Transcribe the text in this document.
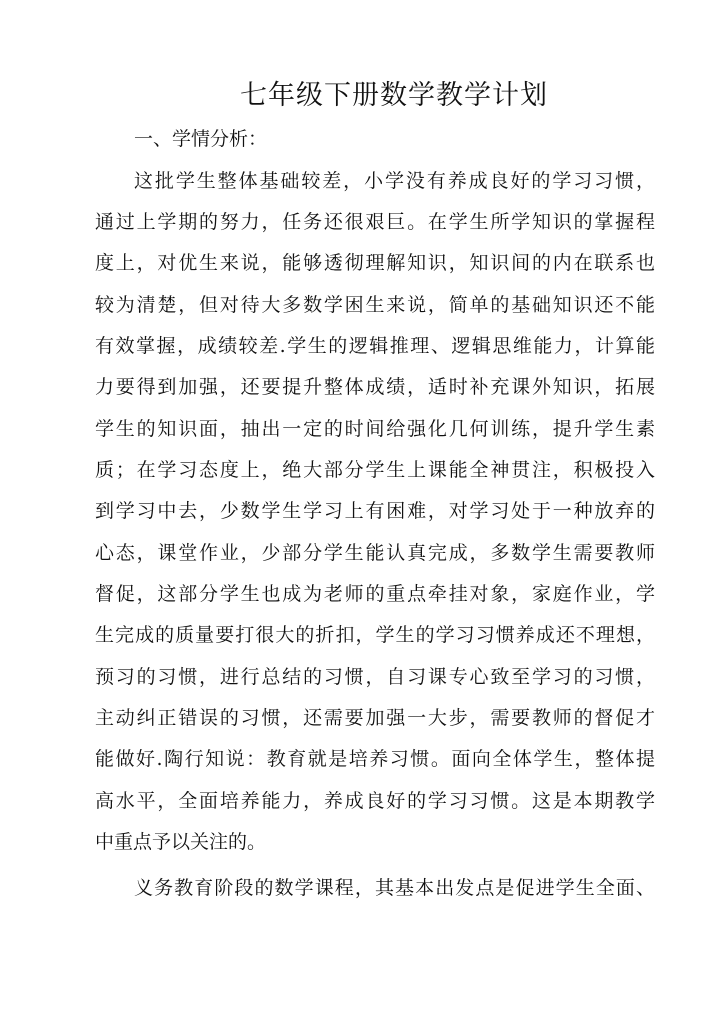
七年级下册数学教学计划
一、学情分析：

这批学生整体基础较差，小学没有养成良好的学习习惯，

通过上学期的努力，任务还很艰巨。在学生所学知识的掌握程

度上，对优生来说，能够透彻理解知识，知识间的内在联系也

较为清楚，但对待大多数学困生来说，简单的基础知识还不能

有效掌握，成绩较差.学生的逻辑推理、逻辑思维能力，计算能

力要得到加强，还要提升整体成绩，适时补充课外知识，拓展

学生的知识面，抽出一定的时间给强化几何训练，提升学生素

质；在学习态度上，绝大部分学生上课能全神贯注，积极投入

到学习中去，少数学生学习上有困难，对学习处于一种放弃的

心态，课堂作业，少部分学生能认真完成，多数学生需要教师

督促，这部分学生也成为老师的重点牵挂对象，家庭作业，学

生完成的质量要打很大的折扣，学生的学习习惯养成还不理想，

预习的习惯，进行总结的习惯，自习课专心致至学习的习惯，

主动纠正错误的习惯，还需要加强一大步，需要教师的督促才

能做好.陶行知说：教育就是培养习惯。面向全体学生，整体提

高水平，全面培养能力，养成良好的学习习惯。这是本期教学

中重点予以关注的。

义务教育阶段的数学课程，其基本出发点是促进学生全面、
